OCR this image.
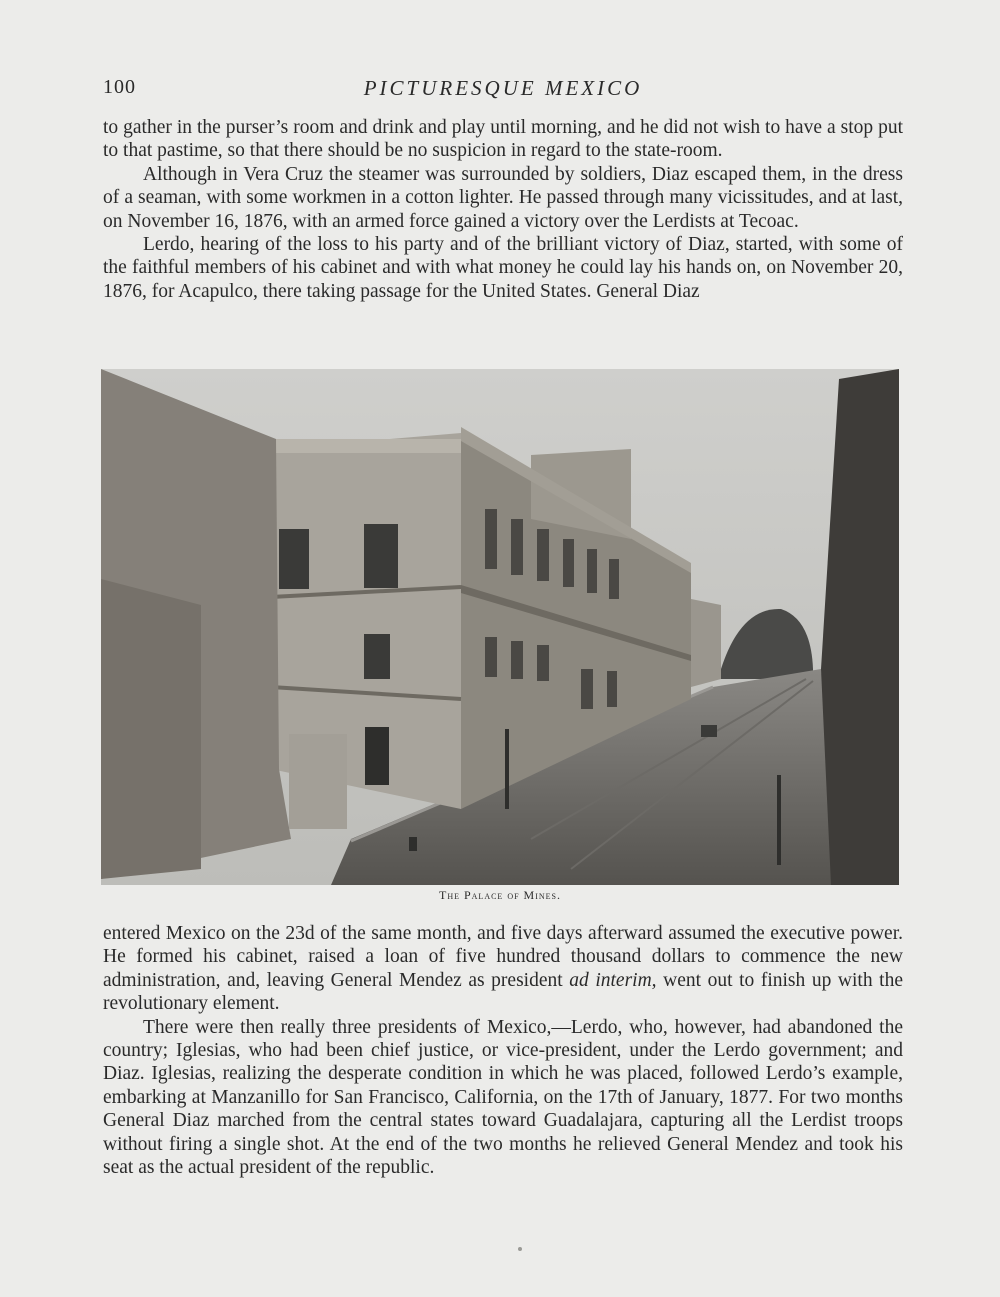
100	PICTURESQUE MEXICO

to gather in the purser’s room and drink and play until morning, and he did not wish to have a stop put to that pastime, so that there should be no suspicion in regard to the state-room.

Although in Vera Cruz the steamer was surrounded by soldiers, Diaz escaped them, in the dress of a seaman, with some workmen in a cotton lighter. He passed through many vicissitudes, and at last, on November 16, 1876, with an armed force gained a victory over the Lerdists at Tecoac.

Lerdo, hearing of the loss to his party and of the brilliant victory of Diaz, started, with some of the faithful members of his cabinet and with what money he could lay his hands on, on November 20, 1876, for Acapulco, there taking passage for the United States. General Diaz

The Palace of Mines.

entered Mexico on the 23d of the same month, and five days afterward assumed the executive power. He formed his cabinet, raised a loan of five hundred thousand dollars to commence the new administration, and, leaving General Mendez as president ad interim, went out to finish up with the revolutionary element.

There were then really three presidents of Mexico,—Lerdo, who, however, had abandoned the country; Iglesias, who had been chief justice, or vice-president, under the Lerdo government; and Diaz. Iglesias, realizing the desperate condition in which he was placed, followed Lerdo’s example, embarking at Manzanillo for San Francisco, California, on the 17th of January, 1877. For two months General Diaz marched from the central states toward Guadalajara, capturing all the Lerdist troops without firing a single shot. At the end of the two months he relieved General Mendez and took his seat as the actual president of the republic.
